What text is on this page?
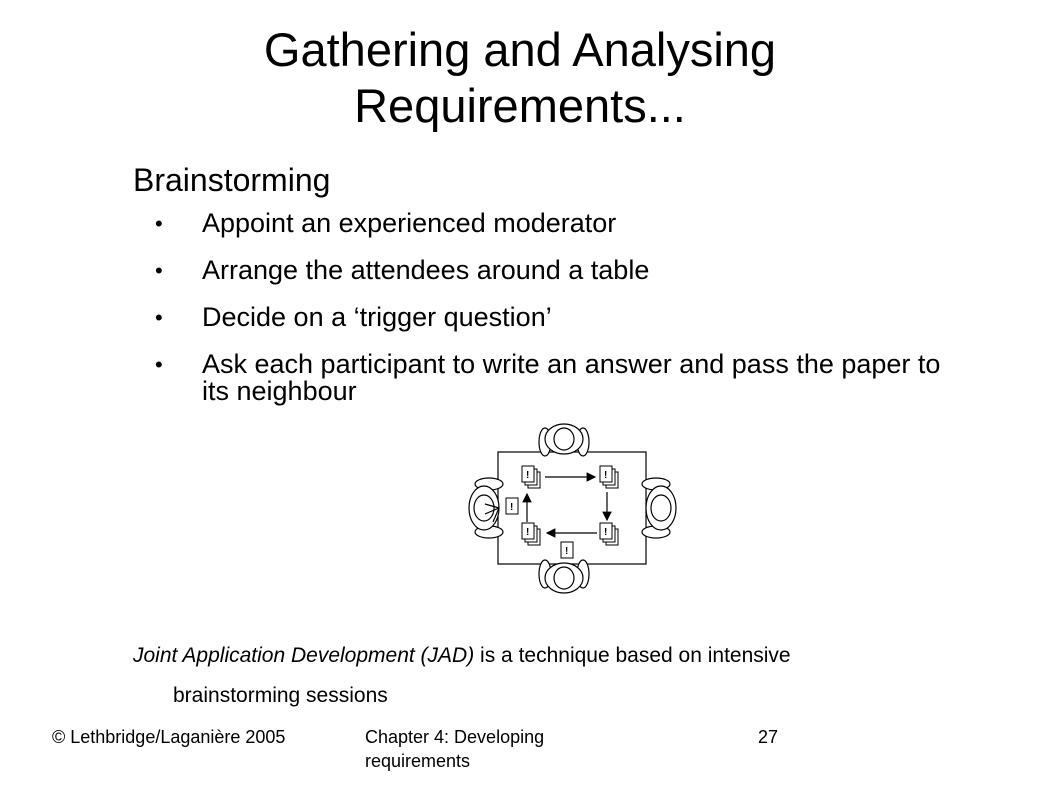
Gathering and Analysing
Requirements...
Brainstorming
• Appoint an experienced moderator
• Arrange the attendees around a table
• Decide on a ‘trigger question’
• Ask each participant to write an answer and pass the paper to its neighbour
!	!
!
!
!
!
Joint Application Development (JAD) is a technique based on intensive
brainstorming sessions
© Lethbridge/Laganière 2005	Chapter 4: Developing requirements
27
